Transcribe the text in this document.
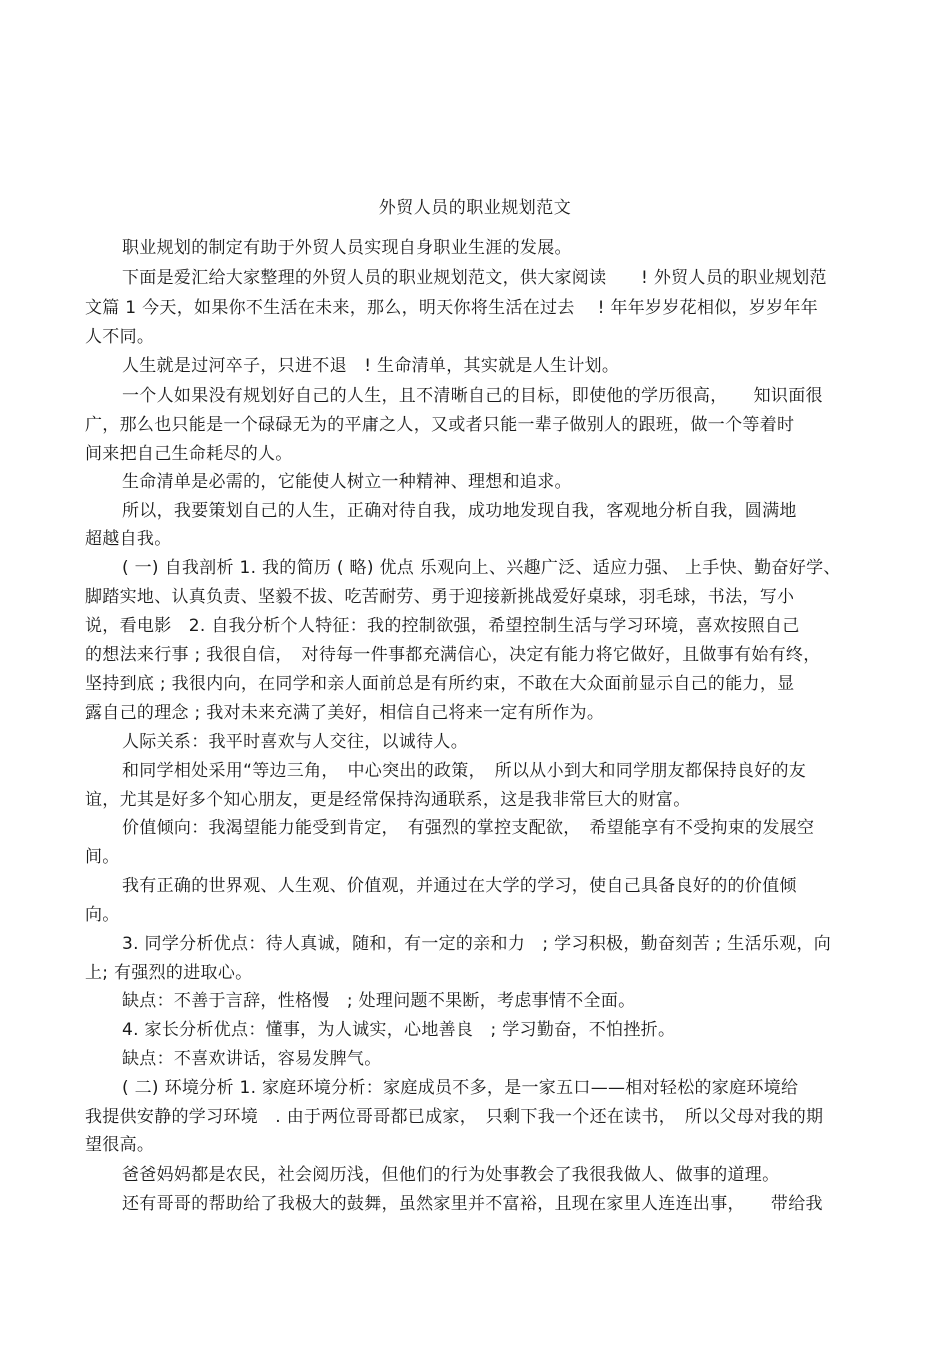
外贸人员的职业规划范文
职业规划的制定有助于外贸人员实现自身职业生涯的发展。
下面是爱汇给大家整理的外贸人员的职业规划范文，供大家阅读　　! 外贸人员的职业规划范
文篇 1 今天，如果你不生活在未来，那么，明天你将生活在过去　 ! 年年岁岁花相似，岁岁年年
人不同。
人生就是过河卒子，只进不退　! 生命清单，其实就是人生计划。
一个人如果没有规划好自己的人生，且不清晰自己的目标，即使他的学历很高，　　知识面很
广，那么也只能是一个碌碌无为的平庸之人，又或者只能一辈子做别人的跟班，做一个等着时
间来把自己生命耗尽的人。
生命清单是必需的，它能使人树立一种精神、理想和追求。
所以，我要策划自己的人生，正确对待自我，成功地发现自我，客观地分析自我，圆满地
超越自我。
( 一) 自我剖析 1. 我的简历 ( 略) 优点 乐观向上、兴趣广泛、适应力强、 上手快、勤奋好学、
脚踏实地、认真负责、坚毅不拔、吃苦耐劳、勇于迎接新挑战爱好桌球，羽毛球，书法，写小
说，看电影　2. 自我分析个人特征：我的控制欲强，希望控制生活与学习环境，喜欢按照自己
的想法来行事 ; 我很自信，　对待每一件事都充满信心，决定有能力将它做好，且做事有始有终，
坚持到底 ; 我很内向，在同学和亲人面前总是有所约束，不敢在大众面前显示自己的能力，显
露自己的理念 ; 我对未来充满了美好，相信自己将来一定有所作为。
人际关系：我平时喜欢与人交往，以诚待人。
和同学相处采用“等边三角，　中心突出的政策，　所以从小到大和同学朋友都保持良好的友
谊，尤其是好多个知心朋友，更是经常保持沟通联系，这是我非常巨大的财富。
价值倾向：我渴望能力能受到肯定，　有强烈的掌控支配欲，　希望能享有不受拘束的发展空
间。
我有正确的世界观、人生观、价值观，并通过在大学的学习，使自己具备良好的的价值倾
向。
3. 同学分析优点：待人真诚，随和，有一定的亲和力　; 学习积极，勤奋刻苦 ; 生活乐观，向
上; 有强烈的进取心。
缺点：不善于言辞，性格慢　; 处理问题不果断，考虑事情不全面。
4. 家长分析优点：懂事，为人诚实，心地善良　; 学习勤奋，不怕挫折。
缺点：不喜欢讲话，容易发脾气。
( 二) 环境分析 1. 家庭环境分析：家庭成员不多，是一家五口——相对轻松的家庭环境给
我提供安静的学习环境　. 由于两位哥哥都已成家，　只剩下我一个还在读书，　所以父母对我的期
望很高。
爸爸妈妈都是农民，社会阅历浅，但他们的行为处事教会了我很我做人、做事的道理。
还有哥哥的帮助给了我极大的鼓舞，虽然家里并不富裕，且现在家里人连连出事，　　带给我
